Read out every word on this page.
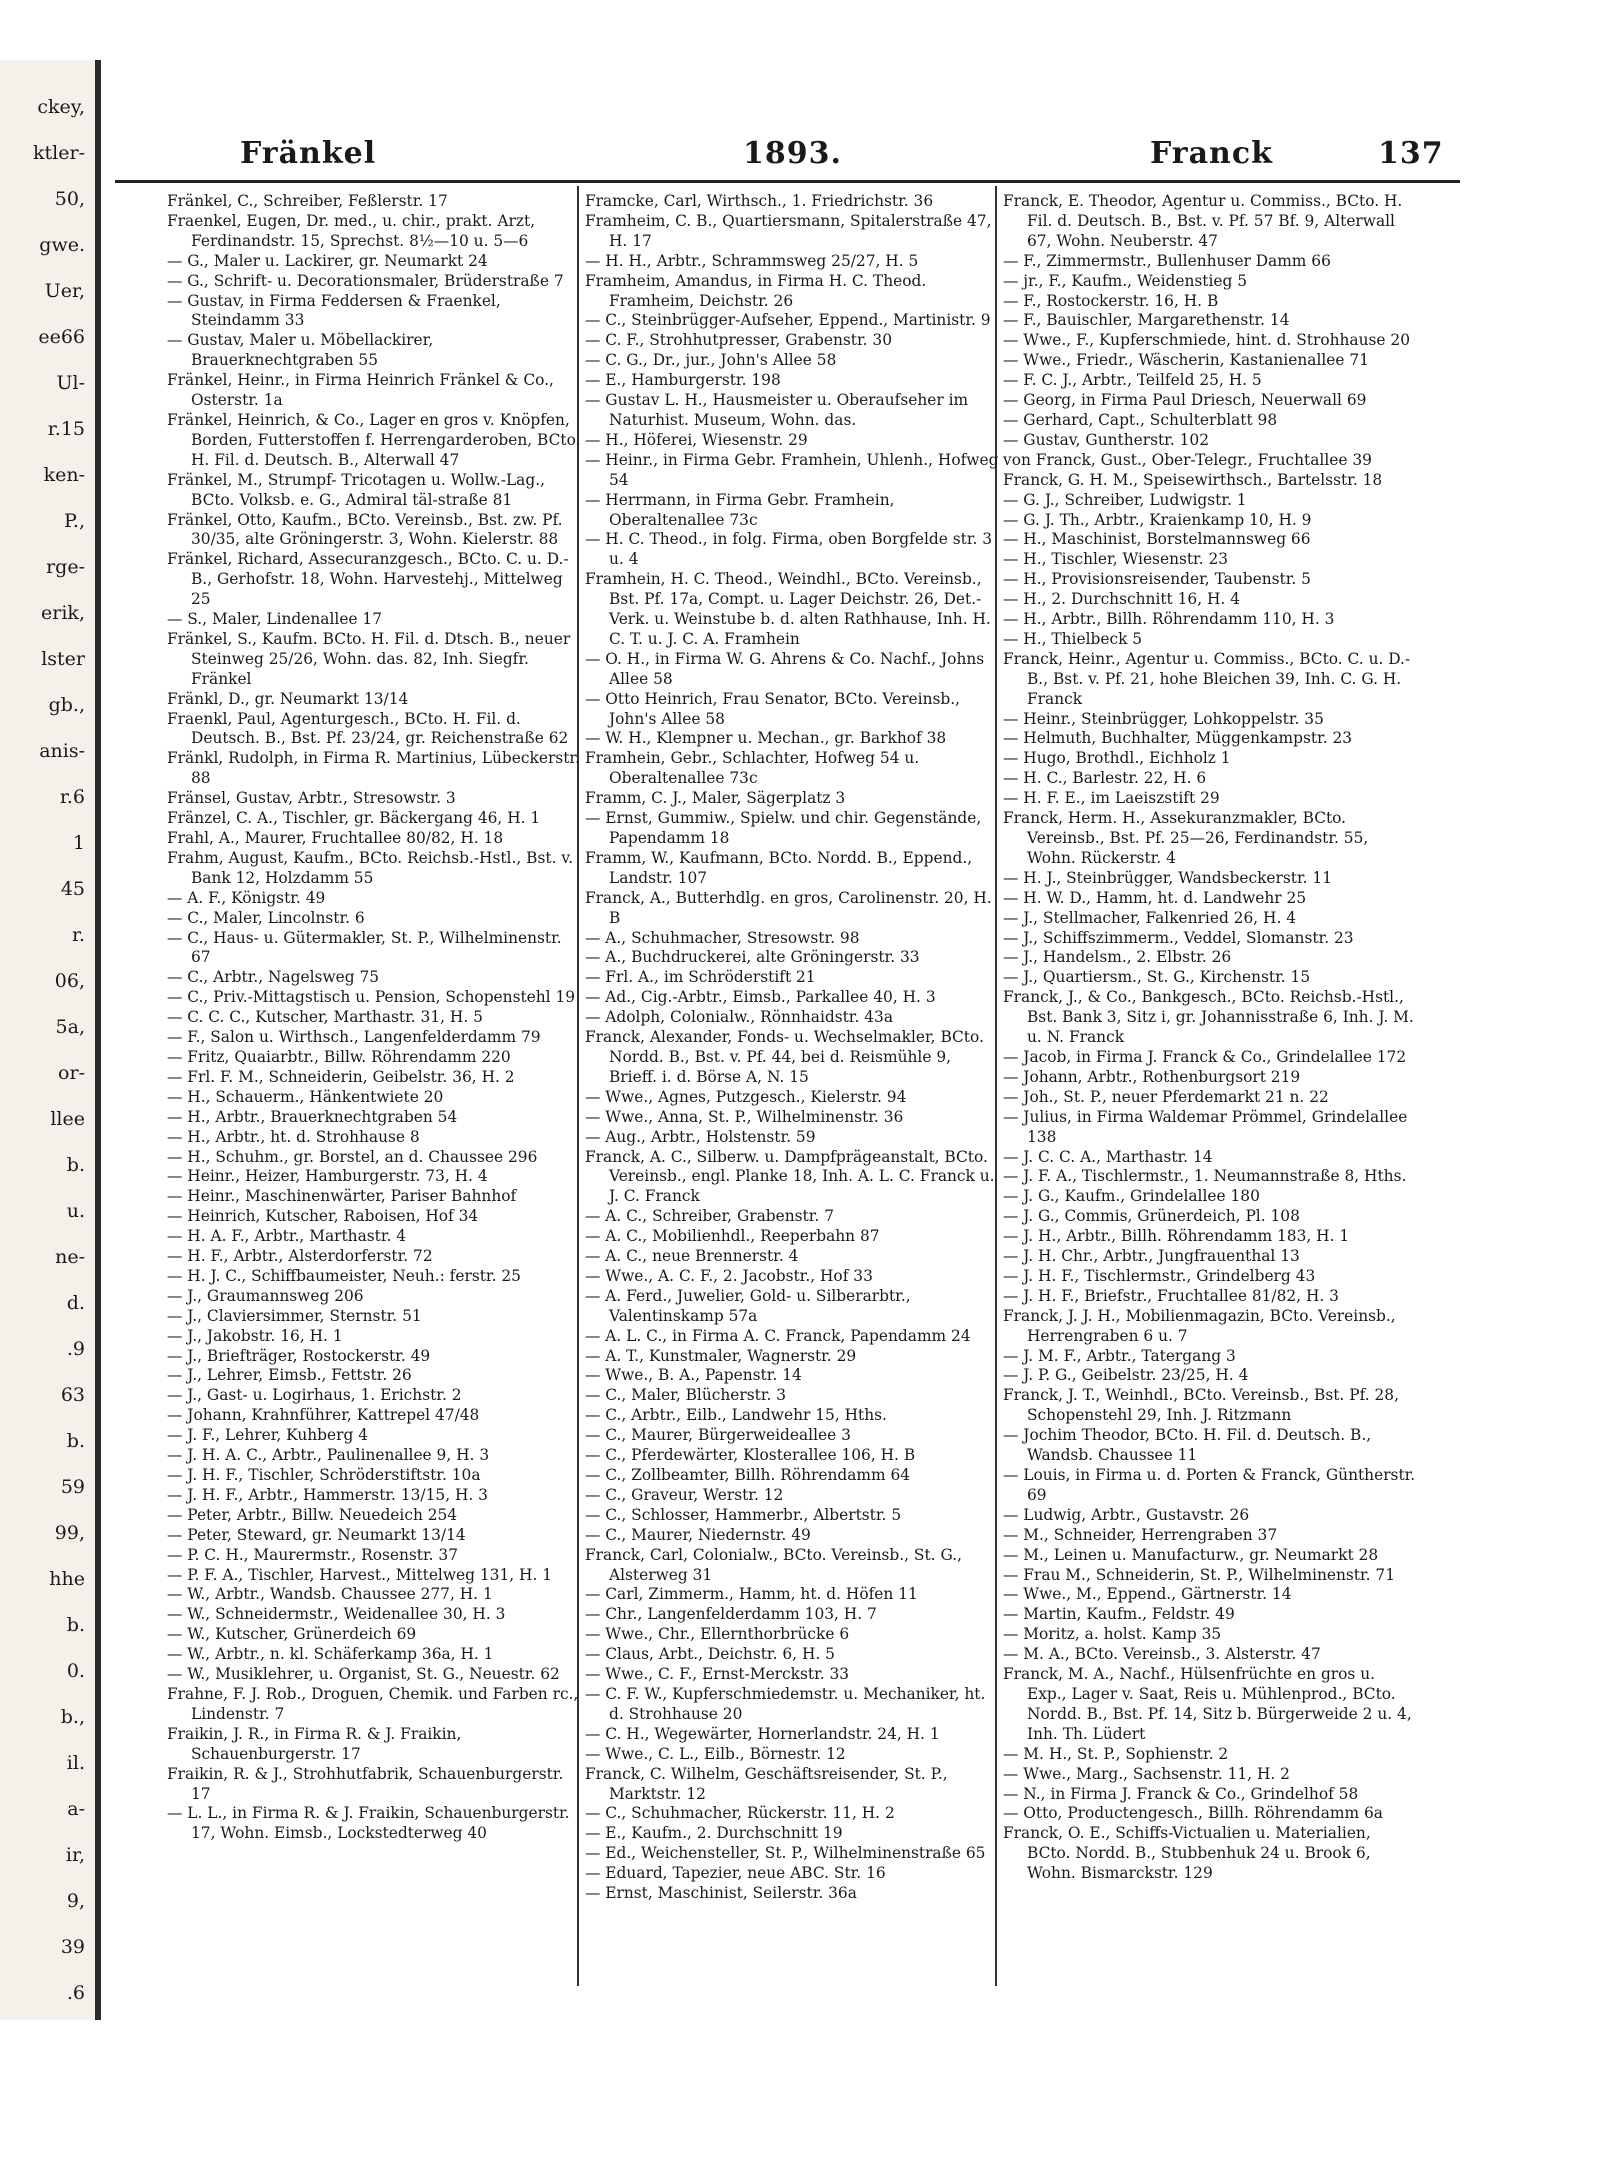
ckey,
ktler-
50,
gwe.
Uer,
ee66
Ul-
r.15
ken-
P.,
rge-
erik,
lster
gb.,
anis-
r.6
1
45
r.
06,
5a,
or-
llee
b.
u.
ne-
d.
.9
63
b.
59
99,
hhe
b.
0.
b.,
il.
a-
ir,
9,
39
.6
Fränkel	1893.	Franck	137

Fränkel, C., Schreiber, Feßlerstr. 17

Fraenkel, Eugen, Dr. med., u. chir., prakt. Arzt, Ferdinandstr. 15, Sprechst. 8½—10 u. 5—6

— G., Maler u. Lackirer, gr. Neumarkt 24

— G., Schrift- u. Decorationsmaler, Brüderstraße 7

— Gustav, in Firma Feddersen & Fraenkel, Steindamm 33

— Gustav, Maler u. Möbellackirer, Brauerknechtgraben 55

Fränkel, Heinr., in Firma Heinrich Fränkel & Co., Osterstr. 1a

Fränkel, Heinrich, & Co., Lager en gros v. Knöpfen, Borden, Futterstoffen f. Herrengarderoben, BCto. H. Fil. d. Deutsch. B., Alterwall 47

Fränkel, M., Strumpf- Tricotagen u. Wollw.-Lag., BCto. Volksb. e. G., Admiral täl-straße 81

Fränkel, Otto, Kaufm., BCto. Vereinsb., Bst. zw. Pf. 30/35, alte Gröningerstr. 3, Wohn. Kielerstr. 88

Fränkel, Richard, Assecuranzgesch., BCto. C. u. D.-B., Gerhofstr. 18, Wohn. Harvestehj., Mittelweg 25

— S., Maler, Lindenallee 17

Fränkel, S., Kaufm. BCto. H. Fil. d. Dtsch. B., neuer Steinweg 25/26, Wohn. das. 82, Inh. Siegfr. Fränkel

Fränkl, D., gr. Neumarkt 13/14

Fraenkl, Paul, Agenturgesch., BCto. H. Fil. d. Deutsch. B., Bst. Pf. 23/24, gr. Reichenstraße 62

Fränkl, Rudolph, in Firma R. Martinius, Lübeckerstr. 88

Fränsel, Gustav, Arbtr., Stresowstr. 3

Fränzel, C. A., Tischler, gr. Bäckergang 46, H. 1

Frahl, A., Maurer, Fruchtallee 80/82, H. 18

Frahm, August, Kaufm., BCto. Reichsb.-Hstl., Bst. v. Bank 12, Holzdamm 55

— A. F., Königstr. 49

— C., Maler, Lincolnstr. 6

— C., Haus- u. Gütermakler, St. P., Wilhelminenstr. 67

— C., Arbtr., Nagelsweg 75

— C., Priv.-Mittagstisch u. Pension, Schopenstehl 19

— C. C. C., Kutscher, Marthastr. 31, H. 5

— F., Salon u. Wirthsch., Langenfelderdamm 79

— Fritz, Quaiarbtr., Billw. Röhrendamm 220

— Frl. F. M., Schneiderin, Geibelstr. 36, H. 2

— H., Schauerm., Hänkentwiete 20

— H., Arbtr., Brauerknechtgraben 54

— H., Arbtr., ht. d. Strohhause 8

— H., Schuhm., gr. Borstel, an d. Chaussee 296

— Heinr., Heizer, Hamburgerstr. 73, H. 4

— Heinr., Maschinenwärter, Pariser Bahnhof

— Heinrich, Kutscher, Raboisen, Hof 34

— H. A. F., Arbtr., Marthastr. 4

— H. F., Arbtr., Alsterdorferstr. 72

— H. J. C., Schiffbaumeister, Neuh.: ferstr. 25

— J., Graumannsweg 206

— J., Claviersimmer, Sternstr. 51

— J., Jakobstr. 16, H. 1

— J., Briefträger, Rostockerstr. 49

— J., Lehrer, Eimsb., Fettstr. 26

— J., Gast- u. Logirhaus, 1. Erichstr. 2

— Johann, Krahnführer, Kattrepel 47/48

— J. F., Lehrer, Kuhberg 4

— J. H. A. C., Arbtr., Paulinenallee 9, H. 3

— J. H. F., Tischler, Schröderstiftstr. 10a

— J. H. F., Arbtr., Hammerstr. 13/15, H. 3

— Peter, Arbtr., Billw. Neuedeich 254

— Peter, Steward, gr. Neumarkt 13/14

— P. C. H., Maurermstr., Rosenstr. 37

— P. F. A., Tischler, Harvest., Mittelweg 131, H. 1

— W., Arbtr., Wandsb. Chaussee 277, H. 1

— W., Schneidermstr., Weidenallee 30, H. 3

— W., Kutscher, Grünerdeich 69

— W., Arbtr., n. kl. Schäferkamp 36a, H. 1

— W., Musiklehrer, u. Organist, St. G., Neuestr. 62

Frahne, F. J. Rob., Droguen, Chemik. und Farben rc., Lindenstr. 7

Fraikin, J. R., in Firma R. & J. Fraikin, Schauenburgerstr. 17

Fraikin, R. & J., Strohhutfabrik, Schauenburgerstr. 17

— L. L., in Firma R. & J. Fraikin, Schauenburgerstr. 17, Wohn. Eimsb., Lockstedterweg 40

Framcke, Carl, Wirthsch., 1. Friedrichstr. 36

Framheim, C. B., Quartiersmann, Spitalerstraße 47, H. 17

— H. H., Arbtr., Schrammsweg 25/27, H. 5

Framheim, Amandus, in Firma H. C. Theod. Framheim, Deichstr. 26

— C., Steinbrügger-Aufseher, Eppend., Martinistr. 9

— C. F., Strohhutpresser, Grabenstr. 30

— C. G., Dr., jur., John's Allee 58

— E., Hamburgerstr. 198

— Gustav L. H., Hausmeister u. Oberaufseher im Naturhist. Museum, Wohn. das.

— H., Höferei, Wiesenstr. 29

— Heinr., in Firma Gebr. Framhein, Uhlenh., Hofweg 54

— Herrmann, in Firma Gebr. Framhein, Oberaltenallee 73c

— H. C. Theod., in folg. Firma, oben Borgfelde str. 3 u. 4

Framhein, H. C. Theod., Weindhl., BCto. Vereinsb., Bst. Pf. 17a, Compt. u. Lager Deichstr. 26, Det.-Verk. u. Weinstube b. d. alten Rathhause, Inh. H. C. T. u. J. C. A. Framhein

— O. H., in Firma W. G. Ahrens & Co. Nachf., Johns Allee 58

— Otto Heinrich, Frau Senator, BCto. Vereinsb., John's Allee 58

— W. H., Klempner u. Mechan., gr. Barkhof 38

Framhein, Gebr., Schlachter, Hofweg 54 u. Oberaltenallee 73c

Framm, C. J., Maler, Sägerplatz 3

— Ernst, Gummiw., Spielw. und chir. Gegenstände, Papendamm 18

Framm, W., Kaufmann, BCto. Nordd. B., Eppend., Landstr. 107

Franck, A., Butterhdlg. en gros, Carolinenstr. 20, H. B

— A., Schuhmacher, Stresowstr. 98

— A., Buchdruckerei, alte Gröningerstr. 33

— Frl. A., im Schröderstift 21

— Ad., Cig.-Arbtr., Eimsb., Parkallee 40, H. 3

— Adolph, Colonialw., Rönnhaidstr. 43a

Franck, Alexander, Fonds- u. Wechselmakler, BCto. Nordd. B., Bst. v. Pf. 44, bei d. Reismühle 9, Brieff. i. d. Börse A, N. 15

— Wwe., Agnes, Putzgesch., Kielerstr. 94

— Wwe., Anna, St. P., Wilhelminenstr. 36

— Aug., Arbtr., Holstenstr. 59

Franck, A. C., Silberw. u. Dampfprägeanstalt, BCto. Vereinsb., engl. Planke 18, Inh. A. L. C. Franck u. J. C. Franck

— A. C., Schreiber, Grabenstr. 7

— A. C., Mobilienhdl., Reeperbahn 87

— A. C., neue Brennerstr. 4

— Wwe., A. C. F., 2. Jacobstr., Hof 33

— A. Ferd., Juwelier, Gold- u. Silberarbtr., Valentinskamp 57a

— A. L. C., in Firma A. C. Franck, Papendamm 24

— A. T., Kunstmaler, Wagnerstr. 29

— Wwe., B. A., Papenstr. 14

— C., Maler, Blücherstr. 3

— C., Arbtr., Eilb., Landwehr 15, Hths.

— C., Maurer, Bürgerweideallee 3

— C., Pferdewärter, Klosterallee 106, H. B

— C., Zollbeamter, Billh. Röhrendamm 64

— C., Graveur, Werstr. 12

— C., Schlosser, Hammerbr., Albertstr. 5

— C., Maurer, Niedernstr. 49

Franck, Carl, Colonialw., BCto. Vereinsb., St. G., Alsterweg 31

— Carl, Zimmerm., Hamm, ht. d. Höfen 11

— Chr., Langenfelderdamm 103, H. 7

— Wwe., Chr., Ellernthorbrücke 6

— Claus, Arbt., Deichstr. 6, H. 5

— Wwe., C. F., Ernst-Merckstr. 33

— C. F. W., Kupferschmiedemstr. u. Mechaniker, ht. d. Strohhause 20

— C. H., Wegewärter, Hornerlandstr. 24, H. 1

— Wwe., C. L., Eilb., Börnestr. 12

Franck, C. Wilhelm, Geschäftsreisender, St. P., Marktstr. 12

— C., Schuhmacher, Rückerstr. 11, H. 2

— E., Kaufm., 2. Durchschnitt 19

— Ed., Weichensteller, St. P., Wilhelminenstraße 65

— Eduard, Tapezier, neue ABC. Str. 16

— Ernst, Maschinist, Seilerstr. 36a

Franck, E. Theodor, Agentur u. Commiss., BCto. H. Fil. d. Deutsch. B., Bst. v. Pf. 57 Bf. 9, Alterwall 67, Wohn. Neuberstr. 47

— F., Zimmermstr., Bullenhuser Damm 66

— jr., F., Kaufm., Weidenstieg 5

— F., Rostockerstr. 16, H. B

— F., Bauischler, Margarethenstr. 14

— Wwe., F., Kupferschmiede, hint. d. Strohhause 20

— Wwe., Friedr., Wäscherin, Kastanienallee 71

— F. C. J., Arbtr., Teilfeld 25, H. 5

— Georg, in Firma Paul Driesch, Neuerwall 69

— Gerhard, Capt., Schulterblatt 98

— Gustav, Guntherstr. 102

von Franck, Gust., Ober-Telegr., Fruchtallee 39

Franck, G. H. M., Speisewirthsch., Bartelsstr. 18

— G. J., Schreiber, Ludwigstr. 1

— G. J. Th., Arbtr., Kraienkamp 10, H. 9

— H., Maschinist, Borstelmannsweg 66

— H., Tischler, Wiesenstr. 23

— H., Provisionsreisender, Taubenstr. 5

— H., 2. Durchschnitt 16, H. 4

— H., Arbtr., Billh. Röhrendamm 110, H. 3

— H., Thielbeck 5

Franck, Heinr., Agentur u. Commiss., BCto. C. u. D.-B., Bst. v. Pf. 21, hohe Bleichen 39, Inh. C. G. H. Franck

— Heinr., Steinbrügger, Lohkoppelstr. 35

— Helmuth, Buchhalter, Müggenkampstr. 23

— Hugo, Brothdl., Eichholz 1

— H. C., Barlestr. 22, H. 6

— H. F. E., im Laeiszstift 29

Franck, Herm. H., Assekuranzmakler, BCto. Vereinsb., Bst. Pf. 25—26, Ferdinandstr. 55, Wohn. Rückerstr. 4

— H. J., Steinbrügger, Wandsbeckerstr. 11

— H. W. D., Hamm, ht. d. Landwehr 25

— J., Stellmacher, Falkenried 26, H. 4

— J., Schiffszimmerm., Veddel, Slomanstr. 23

— J., Handelsm., 2. Elbstr. 26

— J., Quartiersm., St. G., Kirchenstr. 15

Franck, J., & Co., Bankgesch., BCto. Reichsb.-Hstl., Bst. Bank 3, Sitz i, gr. Johannisstraße 6, Inh. J. M. u. N. Franck

— Jacob, in Firma J. Franck & Co., Grindelallee 172

— Johann, Arbtr., Rothenburgsort 219

— Joh., St. P., neuer Pferdemarkt 21 n. 22

— Julius, in Firma Waldemar Prömmel, Grindelallee 138

— J. C. C. A., Marthastr. 14

— J. F. A., Tischlermstr., 1. Neumannstraße 8, Hths.

— J. G., Kaufm., Grindelallee 180

— J. G., Commis, Grünerdeich, Pl. 108

— J. H., Arbtr., Billh. Röhrendamm 183, H. 1

— J. H. Chr., Arbtr., Jungfrauenthal 13

— J. H. F., Tischlermstr., Grindelberg 43

— J. H. F., Briefstr., Fruchtallee 81/82, H. 3

Franck, J. J. H., Mobilienmagazin, BCto. Vereinsb., Herrengraben 6 u. 7

— J. M. F., Arbtr., Tatergang 3

— J. P. G., Geibelstr. 23/25, H. 4

Franck, J. T., Weinhdl., BCto. Vereinsb., Bst. Pf. 28, Schopenstehl 29, Inh. J. Ritzmann

— Jochim Theodor, BCto. H. Fil. d. Deutsch. B., Wandsb. Chaussee 11

— Louis, in Firma u. d. Porten & Franck, Güntherstr. 69

— Ludwig, Arbtr., Gustavstr. 26

— M., Schneider, Herrengraben 37

— M., Leinen u. Manufacturw., gr. Neumarkt 28

— Frau M., Schneiderin, St. P., Wilhelminenstr. 71

— Wwe., M., Eppend., Gärtnerstr. 14

— Martin, Kaufm., Feldstr. 49

— Moritz, a. holst. Kamp 35

— M. A., BCto. Vereinsb., 3. Alsterstr. 47

Franck, M. A., Nachf., Hülsenfrüchte en gros u. Exp., Lager v. Saat, Reis u. Mühlenprod., BCto. Nordd. B., Bst. Pf. 14, Sitz b. Bürgerweide 2 u. 4, Inh. Th. Lüdert

— M. H., St. P., Sophienstr. 2

— Wwe., Marg., Sachsenstr. 11, H. 2

— N., in Firma J. Franck & Co., Grindelhof 58

— Otto, Productengesch., Billh. Röhrendamm 6a

Franck, O. E., Schiffs-Victualien u. Materialien, BCto. Nordd. B., Stubbenhuk 24 u. Brook 6, Wohn. Bismarckstr. 129
